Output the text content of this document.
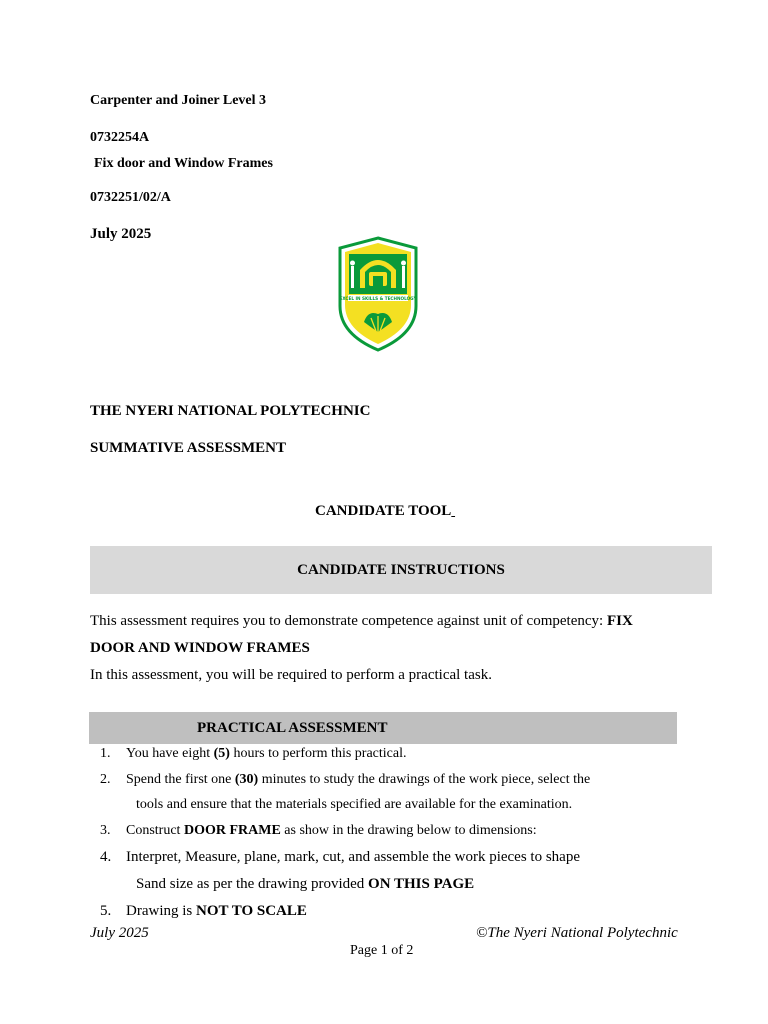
Carpenter and Joiner Level 3
0732254A
Fix door and Window Frames
0732251/02/A
July 2025
EXCEL IN SKILLS & TECHNOLOGY
THE NYERI NATIONAL POLYTECHNIC
SUMMATIVE ASSESSMENT
CANDIDATE TOOL
CANDIDATE INSTRUCTIONS
This assessment requires you to demonstrate competence against unit of competency: FIX
DOOR AND WINDOW FRAMES
In this assessment, you will be required to perform a practical task.
PRACTICAL ASSESSMENT
1. You have eight (5) hours to perform this practical.
2. Spend the first one (30) minutes to study the drawings of the work piece, select the
tools and ensure that the materials specified are available for the examination.
3. Construct DOOR FRAME as show in the drawing below to dimensions:
4. Interpret, Measure, plane, mark, cut, and assemble the work pieces to shape
Sand size as per the drawing provided ON THIS PAGE
5. Drawing is NOT TO SCALE
July 2025	©The Nyeri National Polytechnic
Page 1 of 2
